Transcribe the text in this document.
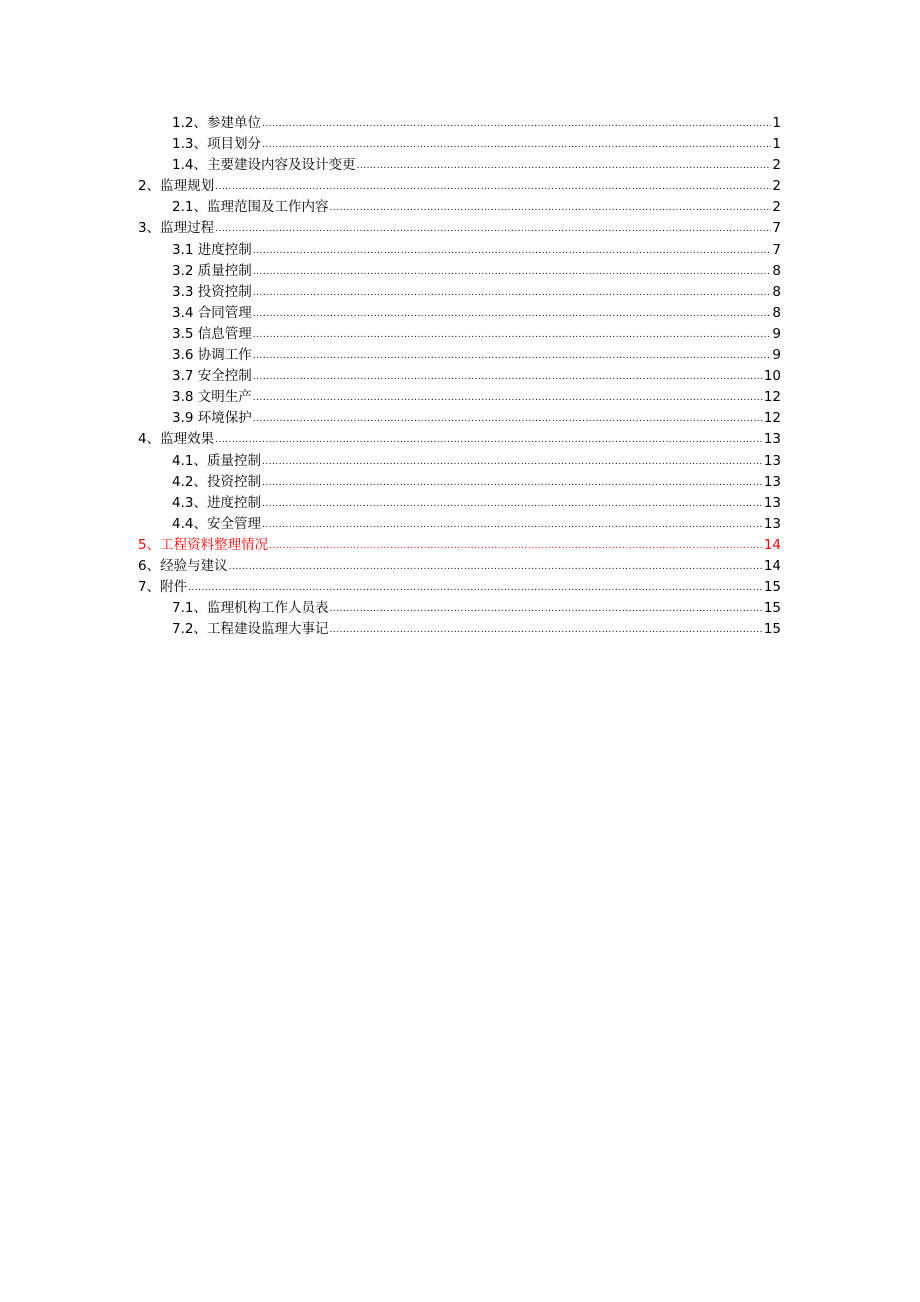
1.2、参建单位 .....	1
1.3、项目划分 .....	1
1.4、主要建设内容及设计变更 .....	2
2、 监理规划 .....	2
2.1、监理范围及工作内容 .....	2
3、 监理过程 .....	7
3.1 进度控制 .....	7
3.2 质量控制 .....	8
3.3 投资控制 .....	8
3.4 合同管理 .....	8
3.5 信息管理 .....	9
3.6 协调工作 .....	9
3.7 安全控制 .....	10
3.8 文明生产 .....	12
3.9 环境保护 .....	12
4、 监理效果 .....	13
4.1、质量控制 .....	13
4.2、投资控制 .....	13
4.3、进度控制 .....	13
4.4、安全管理 .....	13
5、 工程资料整理情况 .....	14
6、 经验与建议 .....	14
7、 附件 .....	15
7.1、监理机构工作人员表 .....	15
7.2、工程建设监理大事记 .....	15
